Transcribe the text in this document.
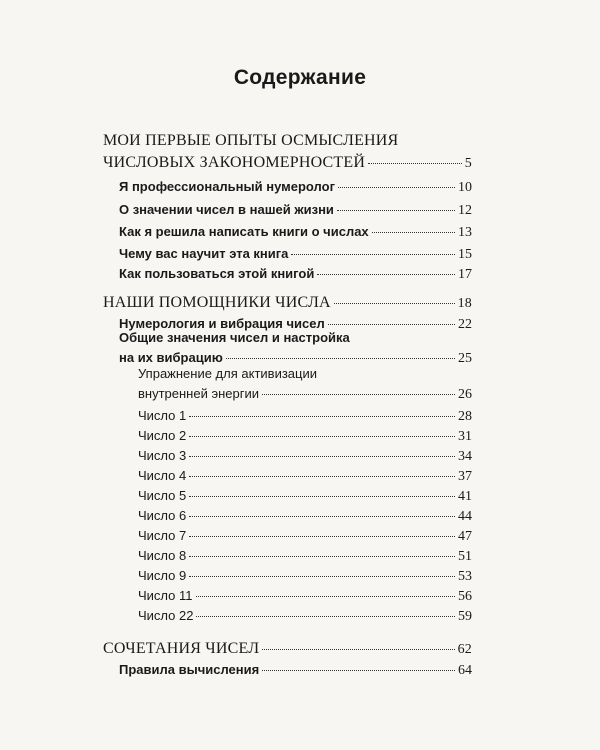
Содержание
МОИ ПЕРВЫЕ ОПЫТЫ ОСМЫСЛЕНИЯ
ЧИСЛОВЫХ ЗАКОНОМЕРНОСТЕЙ	5
Я профессиональный нумеролог	10
О значении чисел в нашей жизни	12
Как я решила написать книги о числах	13
Чему вас научит эта книга	15
Как пользоваться этой книгой	17
НАШИ ПОМОЩНИКИ ЧИСЛА	18
Нумерология и вибрация чисел	22
Общие значения чисел и настройка
на их вибрацию	25
Упражнение для активизации
внутренней энергии	26
Число 1	28
Число 2	31
Число 3	34
Число 4	37
Число 5	41
Число 6	44
Число 7	47
Число 8	51
Число 9	53
Число 11	56
Число 22	59
СОЧЕТАНИЯ ЧИСЕЛ	62
Правила вычисления	64
